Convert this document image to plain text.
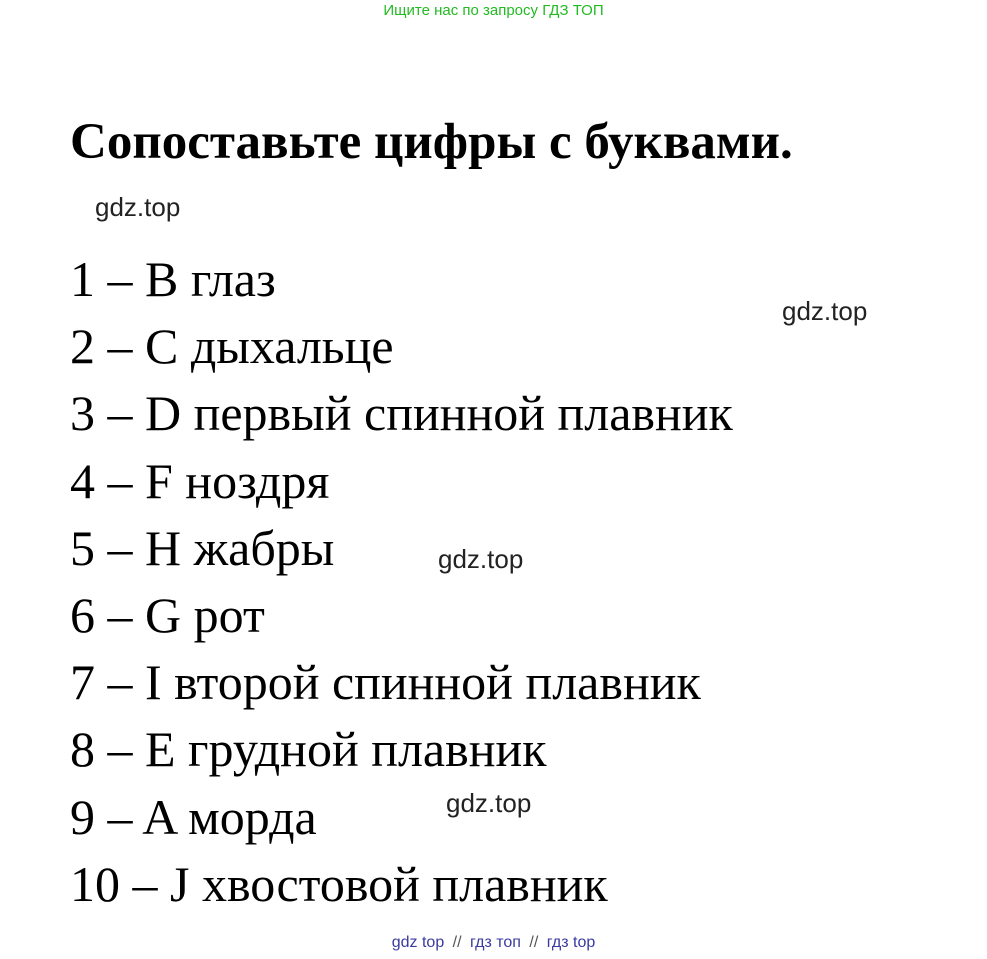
Ищите нас по запросу ГДЗ ТОП
Сопоставьте цифры с буквами.
gdz.top
gdz.top
gdz.top
gdz.top
1 – B глаз
2 – C дыхальце
3 – D первый спинной плавник
4 – F ноздря
5 – H жабры
6 – G рот
7 – I второй спинной плавник
8 – E грудной плавник
9 – A морда
10 – J хвостовой плавник
gdz top // гдз топ // гдз top
